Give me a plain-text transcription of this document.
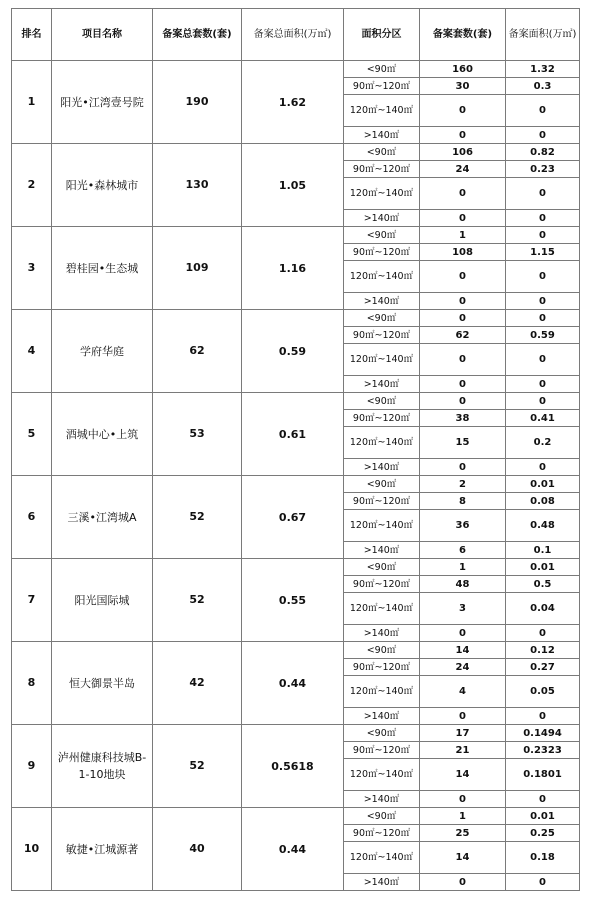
排名	项目名称	备案总套数(套)	备案总面积(万㎡)	面积分区	备案套数(套)	备案面积(万㎡)
1	阳光•江湾壹号院	190	1.62	<90㎡	160	1.32
				90㎡~120㎡	30	0.3
				120㎡~140㎡	0	0
				>140㎡	0	0
2	阳光•森林城市	130	1.05	<90㎡	106	0.82
				90㎡~120㎡	24	0.23
				120㎡~140㎡	0	0
				>140㎡	0	0
3	碧桂园•生态城	109	1.16	<90㎡	1	0
				90㎡~120㎡	108	1.15
				120㎡~140㎡	0	0
				>140㎡	0	0
4	学府华庭	62	0.59	<90㎡	0	0
				90㎡~120㎡	62	0.59
				120㎡~140㎡	0	0
				>140㎡	0	0
5	酒城中心•上筑	53	0.61	<90㎡	0	0
				90㎡~120㎡	38	0.41
				120㎡~140㎡	15	0.2
				>140㎡	0	0
6	三溪•江湾城A	52	0.67	<90㎡	2	0.01
				90㎡~120㎡	8	0.08
				120㎡~140㎡	36	0.48
				>140㎡	6	0.1
7	阳光国际城	52	0.55	<90㎡	1	0.01
				90㎡~120㎡	48	0.5
				120㎡~140㎡	3	0.04
				>140㎡	0	0
8	恒大御景半岛	42	0.44	<90㎡	14	0.12
				90㎡~120㎡	24	0.27
				120㎡~140㎡	4	0.05
				>140㎡	0	0
9	泸州健康科技城B-1-10地块	52	0.5618	<90㎡	17	0.1494
				90㎡~120㎡	21	0.2323
				120㎡~140㎡	14	0.1801
				>140㎡	0	0
10	敏捷•江城源著	40	0.44	<90㎡	1	0.01
				90㎡~120㎡	25	0.25
				120㎡~140㎡	14	0.18
				>140㎡	0	0
